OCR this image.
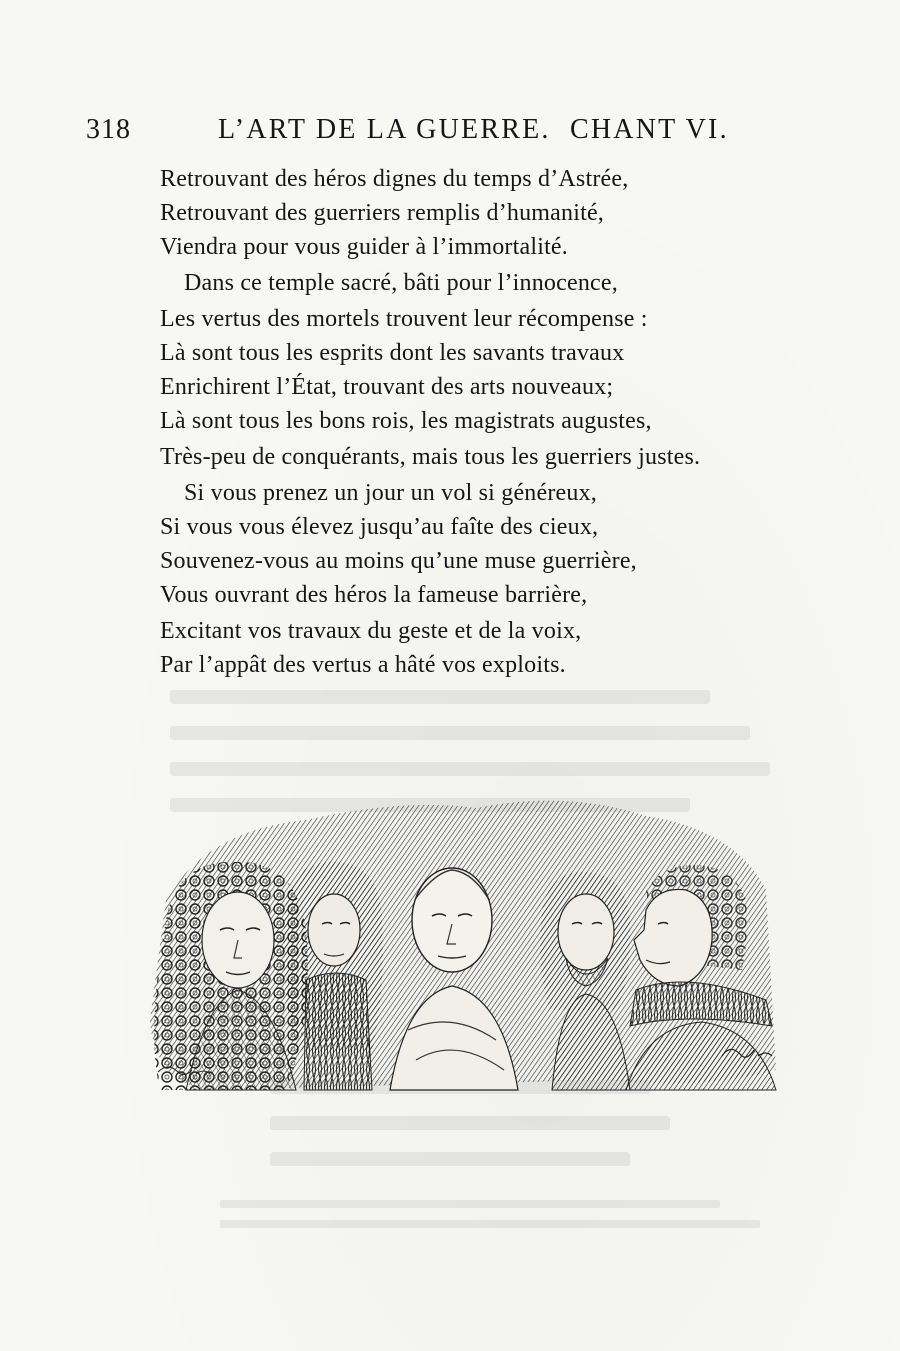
318	L’ART DE LA GUERRE. CHANT VI.
Retrouvant des héros dignes du temps d’Astrée,
Retrouvant des guerriers remplis d’humanité,
Viendra pour vous guider à l’immortalité.
Dans ce temple sacré, bâti pour l’innocence,
Les vertus des mortels trouvent leur récompense :
Là sont tous les esprits dont les savants travaux
Enrichirent l’État, trouvant des arts nouveaux;
Là sont tous les bons rois, les magistrats augustes,
Très-peu de conquérants, mais tous les guerriers justes.
Si vous prenez un jour un vol si généreux,
Si vous vous élevez jusqu’au faîte des cieux,
Souvenez-vous au moins qu’une muse guerrière,
Vous ouvrant des héros la fameuse barrière,
Excitant vos travaux du geste et de la voix,
Par l’appât des vertus a hâté vos exploits.
